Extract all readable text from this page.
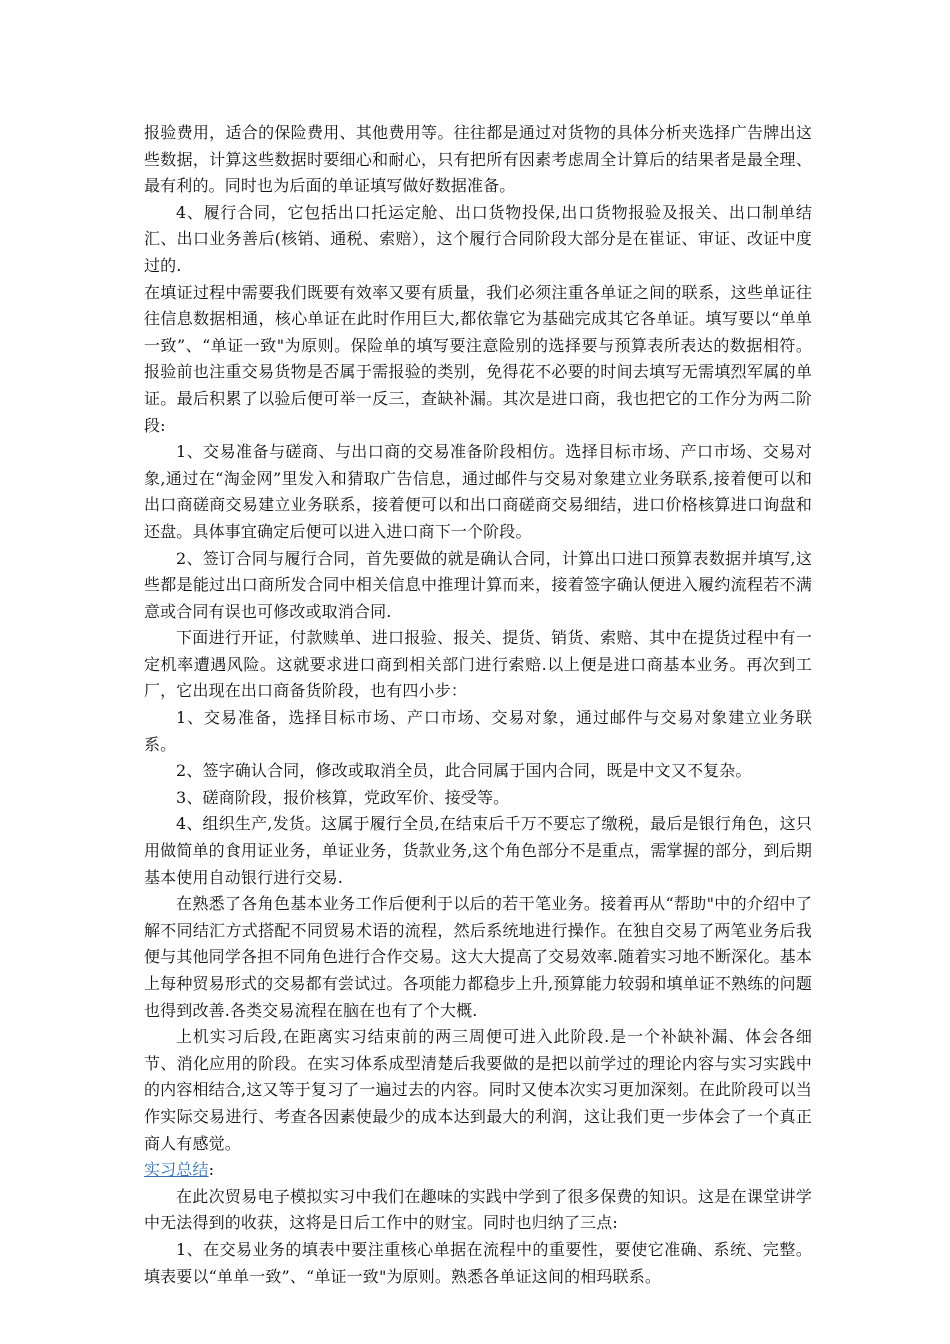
报验费用，适合的保险费用、其他费用等。往往都是通过对货物的具体分析夹选择广告牌出这些数据，计算这些数据时要细心和耐心，只有把所有因素考虑周全计算后的结果者是最全理、最有利的。同时也为后面的单证填写做好数据准备。

4、履行合同，它包括出口托运定舱、出口货物投保,出口货物报验及报关、出口制单结汇、出口业务善后(核销、通税、索赔），这个履行合同阶段大部分是在崔证、审证、改证中度过的.

在填证过程中需要我们既要有效率又要有质量，我们必须注重各单证之间的联系，这些单证往往信息数据相通，核心单证在此时作用巨大,都依靠它为基础完成其它各单证。填写要以“单单一致”、“单证一致"为原则。保险单的填写要注意险别的选择要与预算表所表达的数据相符。报验前也注重交易货物是否属于需报验的类别，免得花不必要的时间去填写无需填烈军属的单证。最后积累了以验后便可举一反三，查缺补漏。其次是进口商，我也把它的工作分为两二阶段:

1、交易准备与磋商、与出口商的交易准备阶段相仿。选择目标市场、产口市场、交易对象,通过在“淘金网”里发入和猜取广告信息，通过邮件与交易对象建立业务联系,接着便可以和出口商磋商交易建立业务联系，接着便可以和出口商磋商交易细结，进口价格核算进口询盘和还盘。具体事宜确定后便可以进入进口商下一个阶段。

2、签订合同与履行合同，首先要做的就是确认合同，计算出口进口预算表数据并填写,这些都是能过出口商所发合同中相关信息中推理计算而来，接着签字确认便进入履约流程若不满意或合同有误也可修改或取消合同.

下面进行开证，付款赎单、进口报验、报关、提货、销货、索赔、其中在提货过程中有一定机率遭遇风险。这就要求进口商到相关部门进行索赔.以上便是进口商基本业务。再次到工厂，它出现在出口商备货阶段，也有四小步：

1、交易准备，选择目标市场、产口市场、交易对象，通过邮件与交易对象建立业务联系。

2、签字确认合同，修改或取消全员，此合同属于国内合同，既是中文又不复杂。

3、磋商阶段，报价核算，党政军价、接受等。

4、组织生产,发货。这属于履行全员,在结束后千万不要忘了缴税，最后是银行角色，这只用做简单的食用证业务，单证业务，货款业务,这个角色部分不是重点，需掌握的部分，到后期基本使用自动银行进行交易.

在熟悉了各角色基本业务工作后便利于以后的若干笔业务。接着再从“帮助"中的介绍中了解不同结汇方式搭配不同贸易术语的流程，然后系统地进行操作。在独自交易了两笔业务后我便与其他同学各担不同角色进行合作交易。这大大提高了交易效率.随着实习地不断深化。基本上每种贸易形式的交易都有尝试过。各项能力都稳步上升,预算能力较弱和填单证不熟练的问题也得到改善.各类交易流程在脑在也有了个大概.

上机实习后段,在距离实习结束前的两三周便可进入此阶段.是一个补缺补漏、体会各细节、消化应用的阶段。在实习体系成型清楚后我要做的是把以前学过的理论内容与实习实践中的内容相结合,这又等于复习了一遍过去的内容。同时又使本次实习更加深刻。在此阶段可以当作实际交易进行、考查各因素使最少的成本达到最大的利润，这让我们更一步体会了一个真正商人有感觉。

实习总结:

在此次贸易电子模拟实习中我们在趣味的实践中学到了很多保费的知识。这是在课堂讲学中无法得到的收获，这将是日后工作中的财宝。同时也归纳了三点:

1、在交易业务的填表中要注重核心单据在流程中的重要性，要使它准确、系统、完整。填表要以“单单一致”、“单证一致"为原则。熟悉各单证这间的相玛联系。
